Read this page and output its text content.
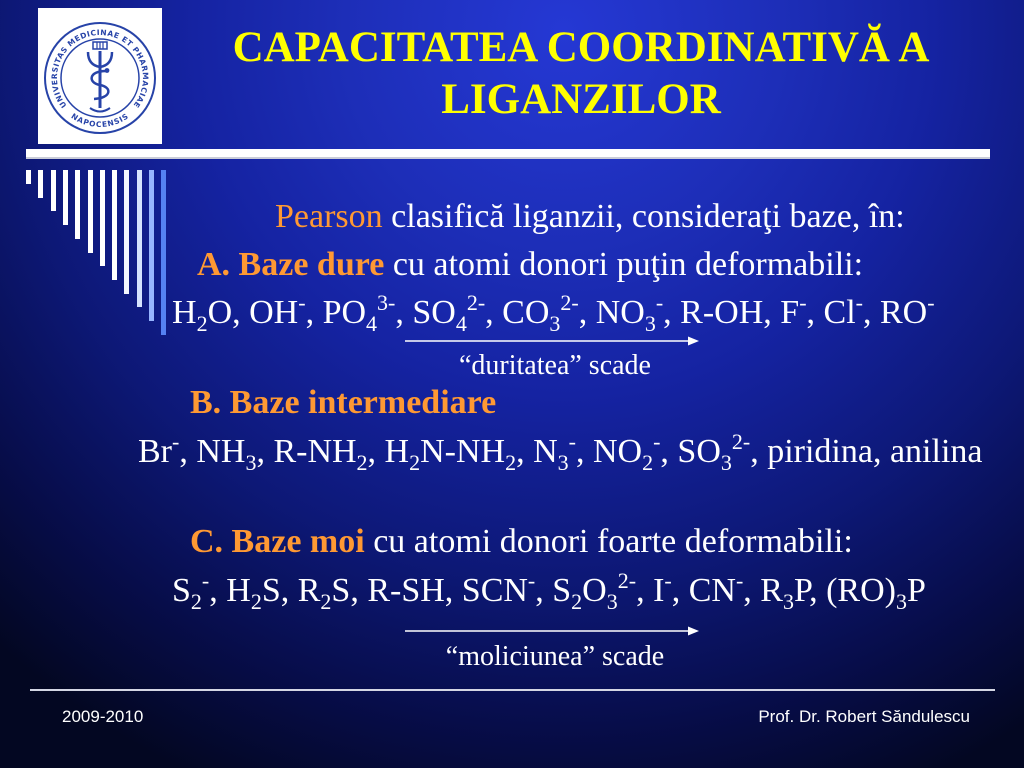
UNIVERSITAS MEDICINAE ET PHARMACIAE
NAPOCENSIS
CAPACITATEA COORDINATIVĂ A
LIGANZILOR
Pearson clasifică liganzii, consideraţi baze, în:
A. Baze dure cu atomi donori puţin deformabili:
$H_2O$, OH-, $PO_4^{3-}$, $SO_4^{2-}$, $CO_3^{2-}$, $NO_3^-$, R-OH, F-, Cl-, RO-
“duritatea” scade
B. Baze intermediare
Br-, $NH_3$, $R-NH_2$, $H_2N-NH_2$, $N_3^-$, $NO_2^-$, $SO_3^{2-}$, piridina, anilina
C. Baze moi cu atomi donori foarte deformabili:
$S_2^-$, $H_2S$, $R_2S$, R-SH, SCN-, $S_2O_3^{2-}$, I-, CN-, $R_3P$, $(RO)_3P$
“moliciunea” scade
2009-2010	Prof. Dr. Robert Săndulescu
